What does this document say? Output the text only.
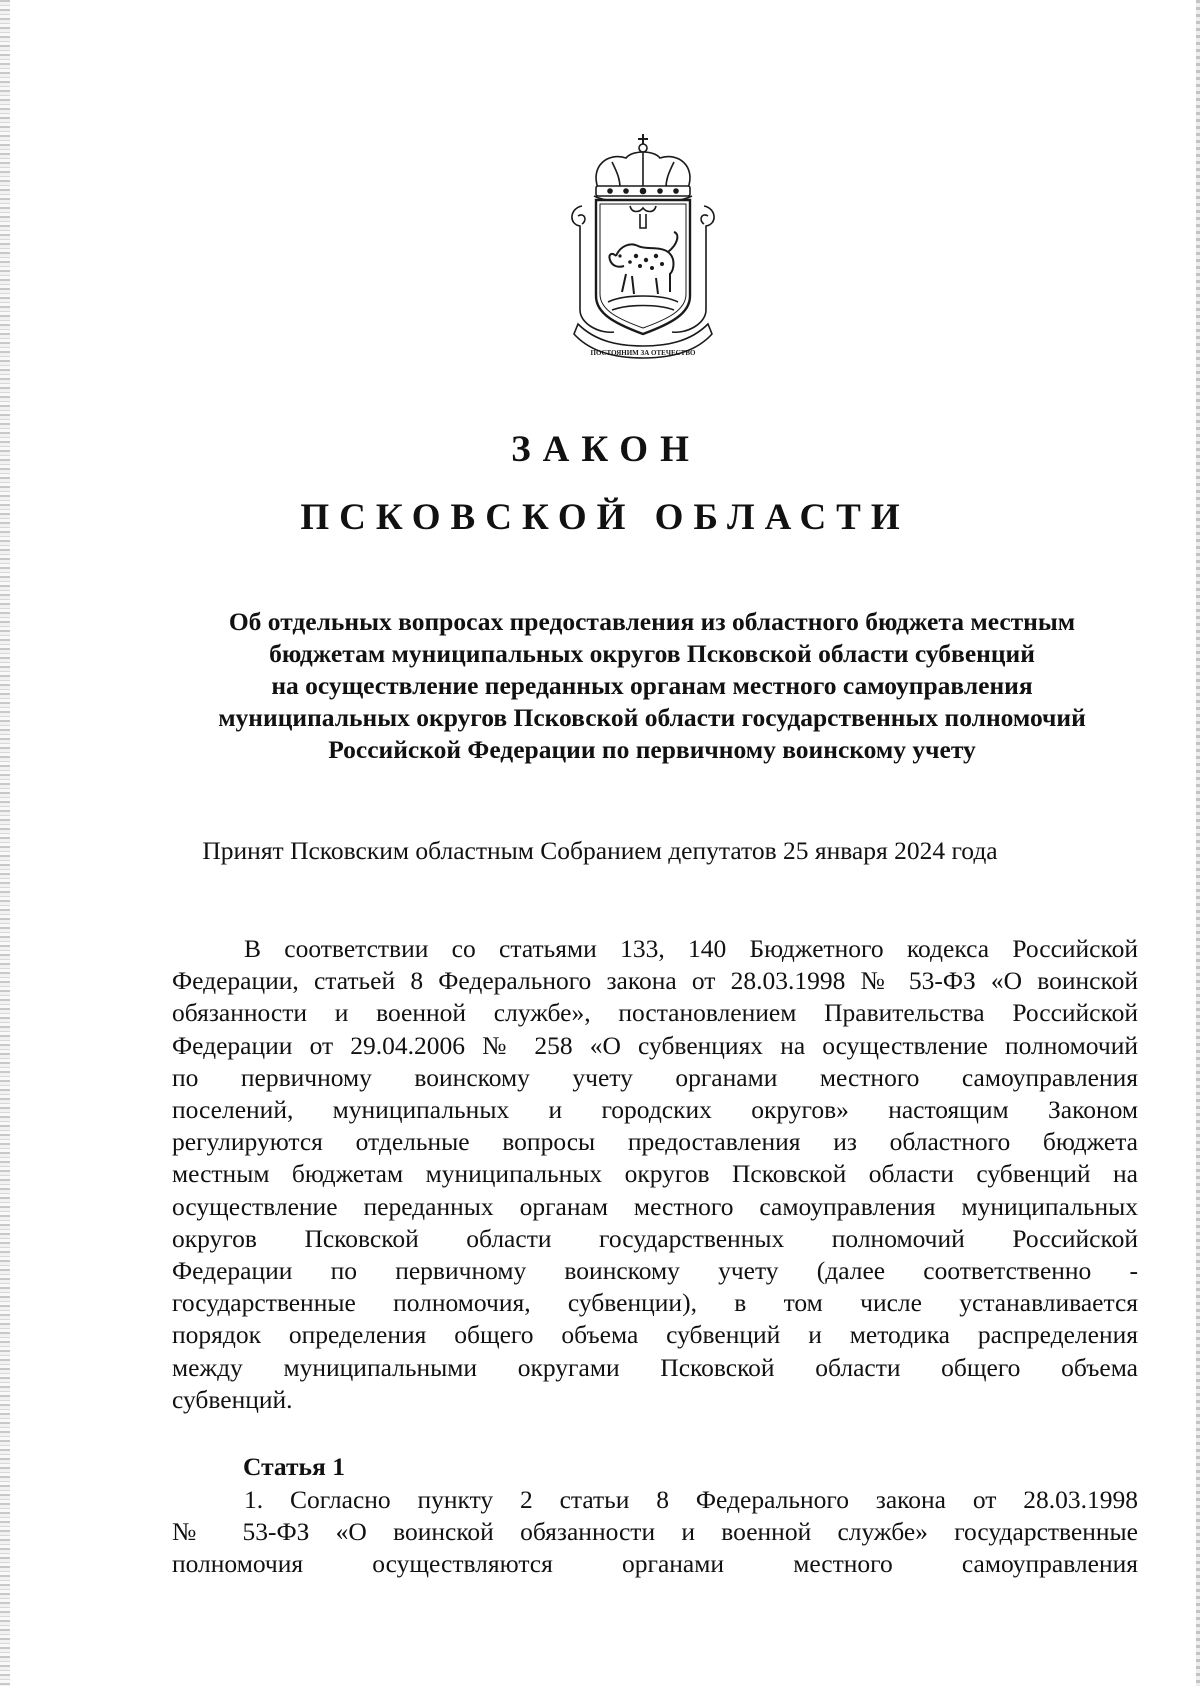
ПОСТОЯНИМ ЗА ОТЕЧЕСТВО
ЗАКОН
ПСКОВСКОЙ ОБЛАСТИ
Об отдельных вопросах предоставления из областного бюджета местным
бюджетам муниципальных округов Псковской области субвенций
на осуществление переданных органам местного самоуправления
муниципальных округов Псковской области государственных полномочий
Российской Федерации по первичному воинскому учету
Принят Псковским областным Собранием депутатов 25 января 2024 года
В соответствии со статьями 133, 140 Бюджетного кодекса Российской
Федерации, статьей 8 Федерального закона от 28.03.1998 № 53-ФЗ «О воинской
обязанности и военной службе», постановлением Правительства Российской
Федерации от 29.04.2006 № 258 «О субвенциях на осуществление полномочий
по первичному воинскому учету органами местного самоуправления
поселений, муниципальных и городских округов» настоящим Законом
регулируются отдельные вопросы предоставления из областного бюджета
местным бюджетам муниципальных округов Псковской области субвенций на
осуществление переданных органам местного самоуправления муниципальных
округов Псковской области государственных полномочий Российской
Федерации по первичному воинскому учету (далее соответственно -
государственные полномочия, субвенции), в том числе устанавливается
порядок определения общего объема субвенций и методика распределения
между муниципальными округами Псковской области общего объема
субвенций.
Статья 1
1. Согласно пункту 2 статьи 8 Федерального закона от 28.03.1998
№ 53-ФЗ «О воинской обязанности и военной службе» государственные
полномочия осуществляются органами местного самоуправления
